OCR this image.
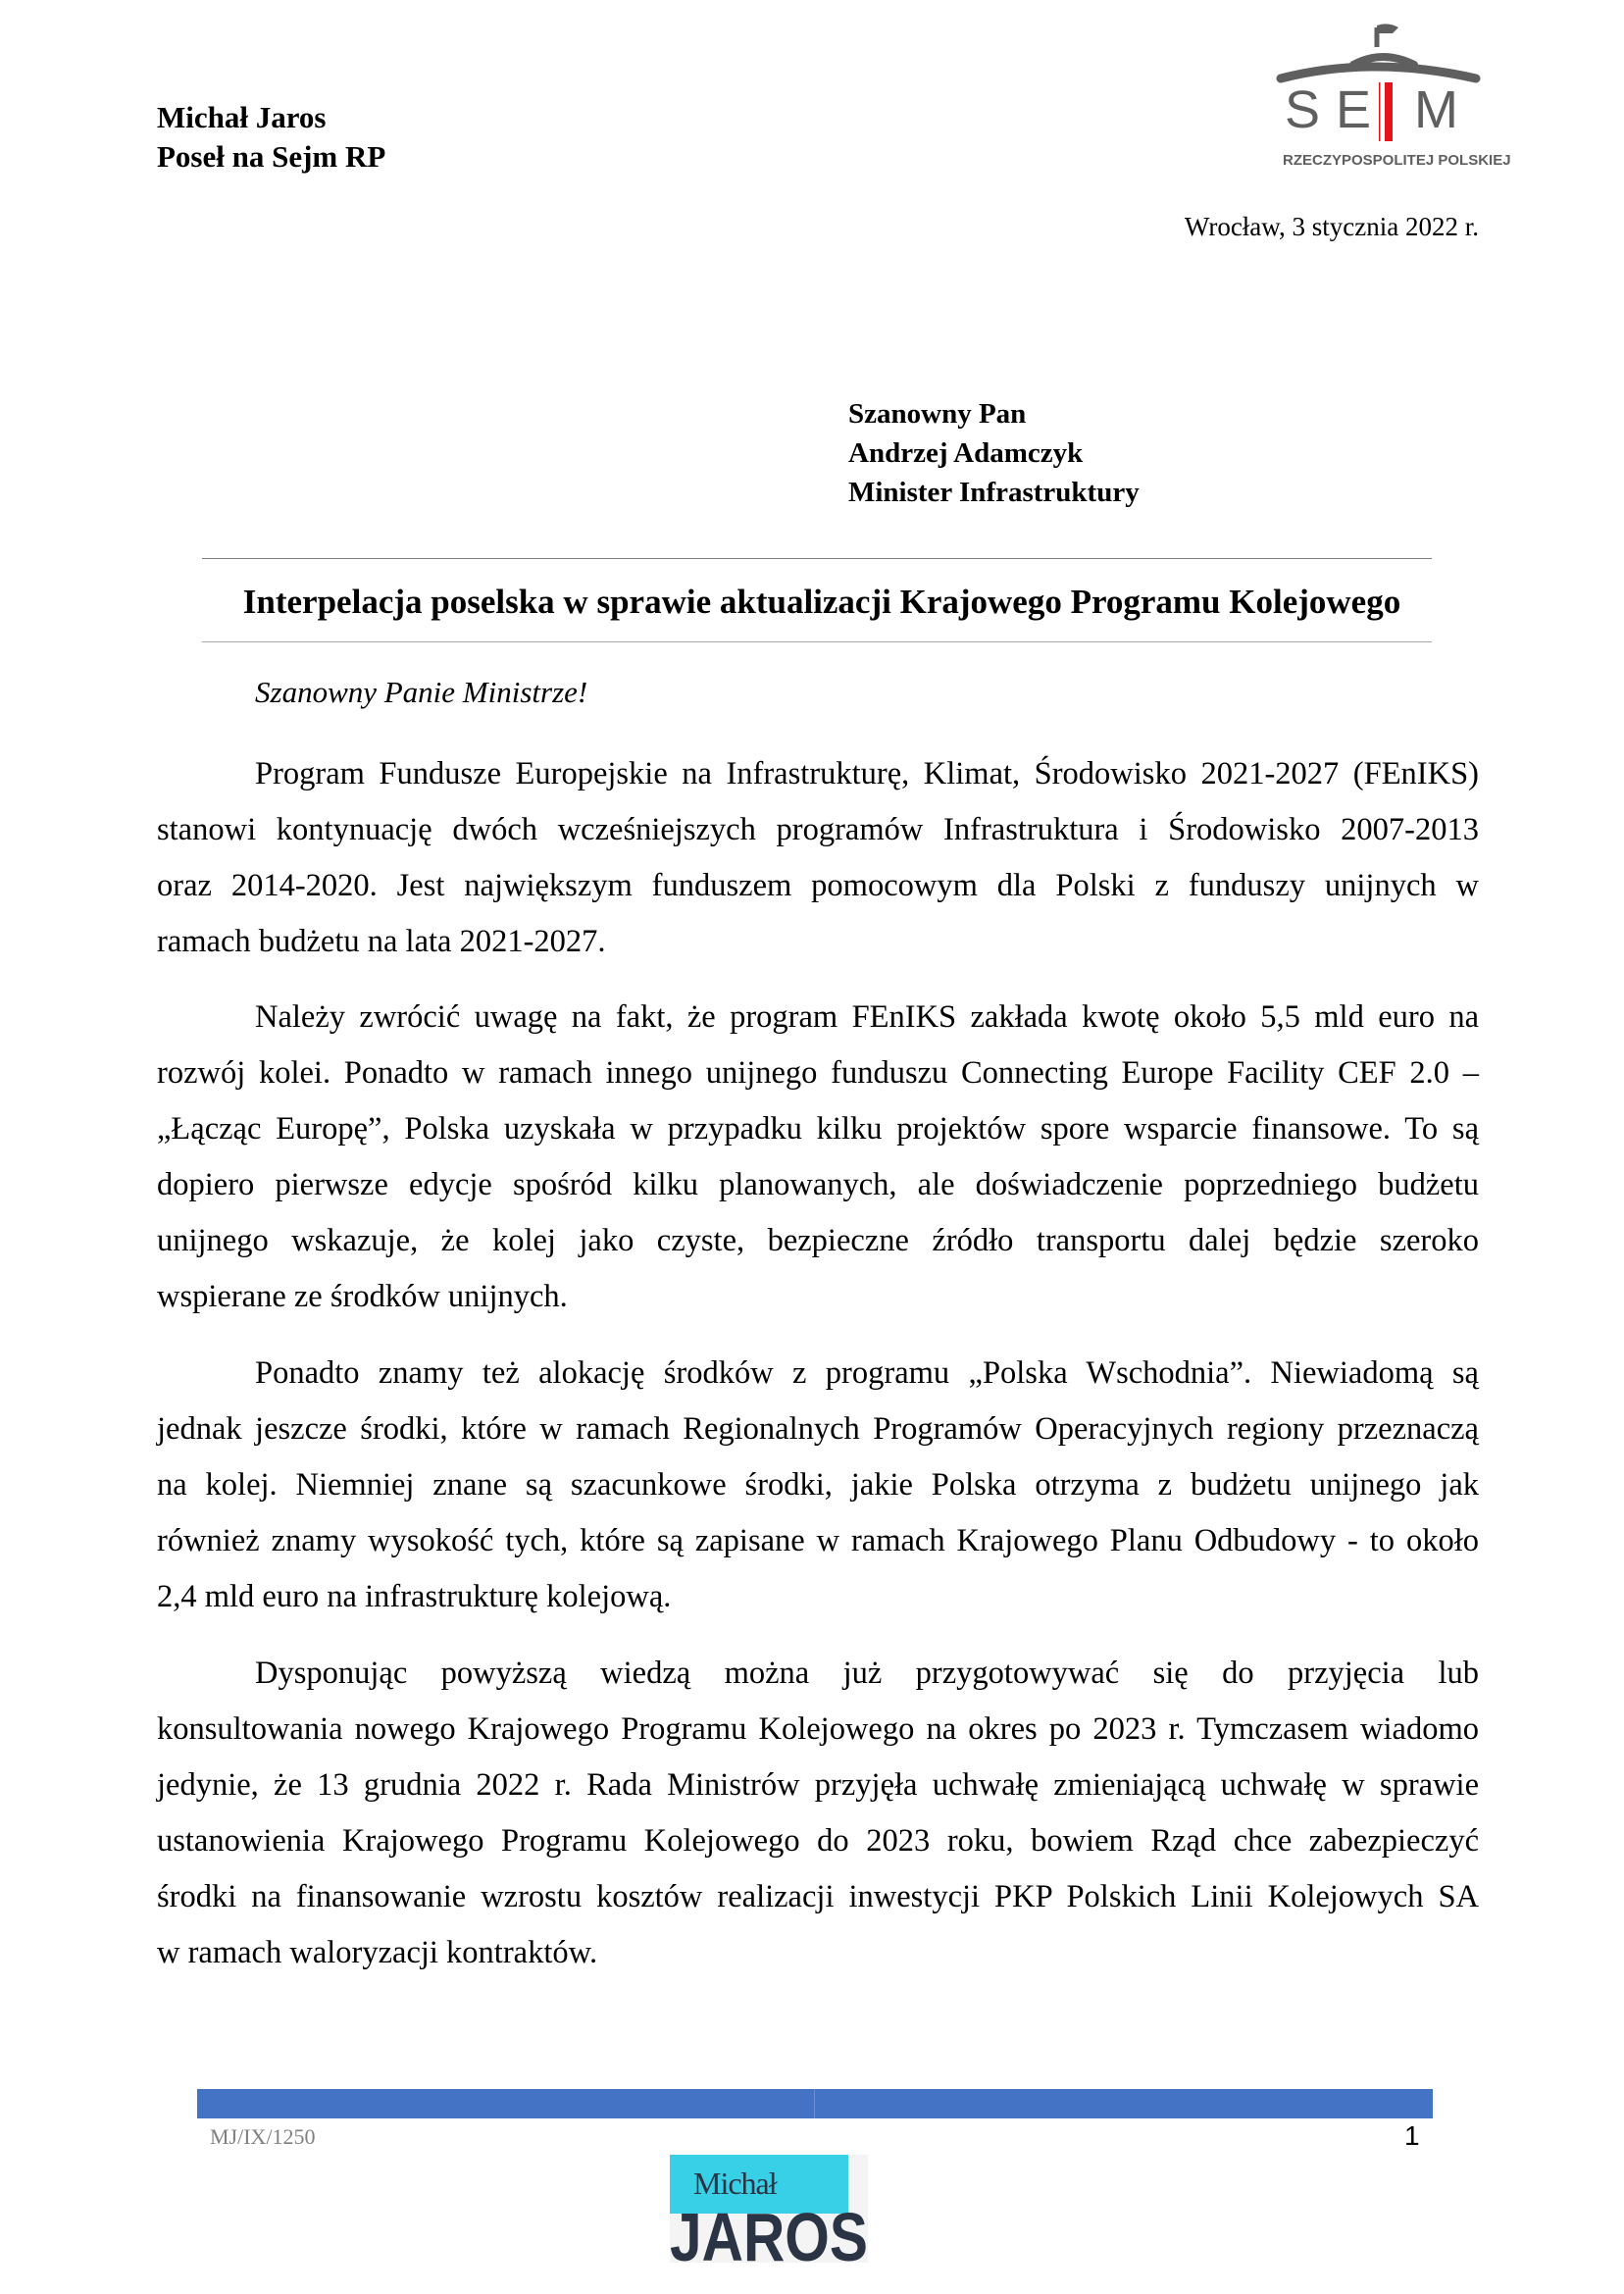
Michał Jaros
Poseł na Sejm RP
S E M
RZECZYPOSPOLITEJ POLSKIEJ
Wrocław, 3 stycznia 2022 r.
Szanowny Pan
Andrzej Adamczyk
Minister Infrastruktury
Interpelacja poselska w sprawie aktualizacji Krajowego Programu Kolejowego
Szanowny Panie Ministrze!
Program Fundusze Europejskie na Infrastrukturę, Klimat, Środowisko 2021-2027 (FEnIKS)
stanowi kontynuację dwóch wcześniejszych programów Infrastruktura i Środowisko 2007-2013
oraz 2014-2020. Jest największym funduszem pomocowym dla Polski z funduszy unijnych w
ramach budżetu na lata 2021-2027.
Należy zwrócić uwagę na fakt, że program FEnIKS zakłada kwotę około 5,5 mld euro na
rozwój kolei. Ponadto w ramach innego unijnego funduszu Connecting Europe Facility CEF 2.0 –
„Łącząc Europę”, Polska uzyskała w przypadku kilku projektów spore wsparcie finansowe. To są
dopiero pierwsze edycje spośród kilku planowanych, ale doświadczenie poprzedniego budżetu
unijnego wskazuje, że kolej jako czyste, bezpieczne źródło transportu dalej będzie szeroko
wspierane ze środków unijnych.
Ponadto znamy też alokację środków z programu „Polska Wschodnia”. Niewiadomą są
jednak jeszcze środki, które w ramach Regionalnych Programów Operacyjnych regiony przeznaczą
na kolej. Niemniej znane są szacunkowe środki, jakie Polska otrzyma z budżetu unijnego jak
również znamy wysokość tych, które są zapisane w ramach Krajowego Planu Odbudowy - to około
2,4 mld euro na infrastrukturę kolejową.
Dysponując powyższą wiedzą można już przygotowywać się do przyjęcia lub
konsultowania nowego Krajowego Programu Kolejowego na okres po 2023 r. Tymczasem wiadomo
jedynie, że 13 grudnia 2022 r. Rada Ministrów przyjęła uchwałę zmieniającą uchwałę w sprawie
ustanowienia Krajowego Programu Kolejowego do 2023 roku, bowiem Rząd chce zabezpieczyć
środki na finansowanie wzrostu kosztów realizacji inwestycji PKP Polskich Linii Kolejowych SA
w ramach waloryzacji kontraktów.
MJ/IX/1250	1
Michał
JAROS
